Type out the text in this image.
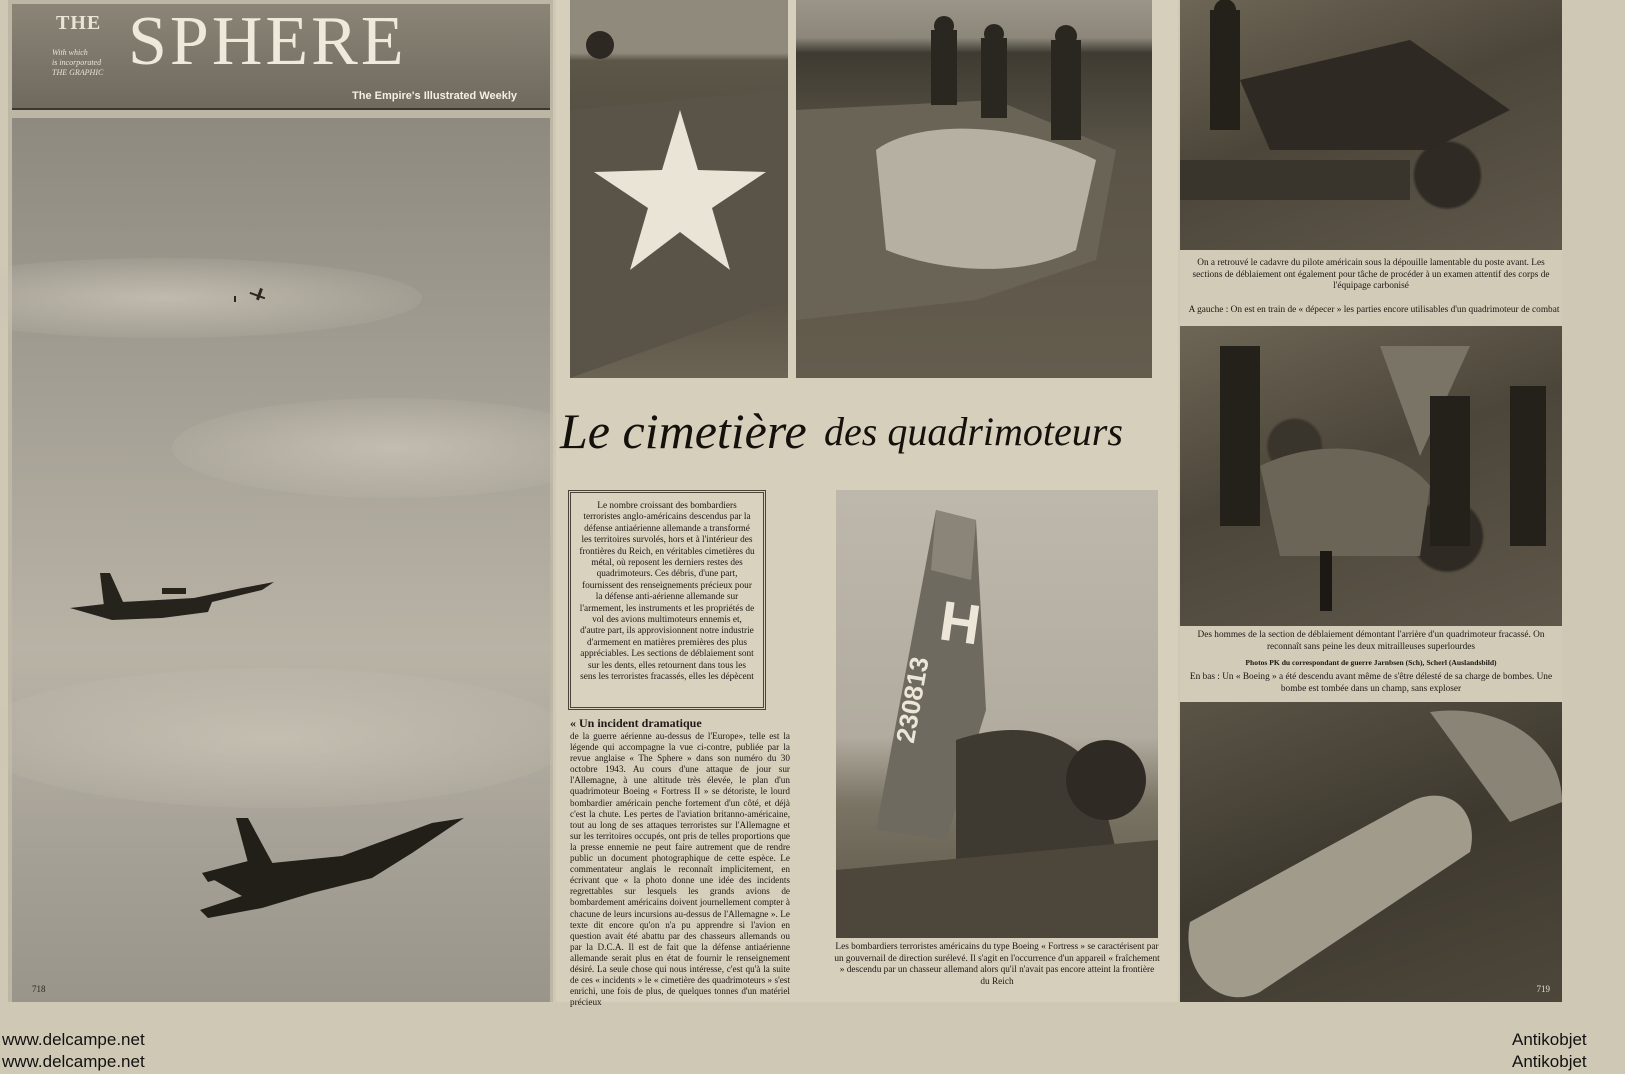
THE
With which
is incorporated
THE GRAPHIC SPHERE
The Empire's Illustrated Weekly
718
Le cimetière des quadrimoteurs
Le nombre croissant des bombardiers terroristes anglo-américains descendus par la défense antiaérienne allemande a transformé les territoires survolés, hors et à l'intérieur des frontières du Reich, en véritables cimetières du métal, où reposent les derniers restes des quadrimoteurs. Ces débris, d'une part, fournissent des renseignements précieux pour la défense anti-aérienne allemande sur l'armement, les instruments et les propriétés de vol des avions multimoteurs ennemis et, d'autre part, ils approvisionnent notre industrie d'armement en matières premières des plus appréciables. Les sections de déblaiement sont sur les dents, elles retournent dans tous les sens les terroristes fracassés, elles les dépècent
« Un incident dramatique
de la guerre aérienne au-dessus de l'Europe», telle est la légende qui accompagne la vue ci-contre, publiée par la revue anglaise « The Sphere » dans son numéro du 30 octobre 1943. Au cours d'une attaque de jour sur l'Allemagne, à une altitude très élevée, le plan d'un quadrimoteur Boeing « Fortress II » se détoriste, le lourd bombardier américain penche fortement d'un côté, et déjà c'est la chute. Les pertes de l'aviation britanno-américaine, tout au long de ses attaques terroristes sur l'Allemagne et sur les territoires occupés, ont pris de telles proportions que la presse ennemie ne peut faire autrement que de rendre public un document photographique de cette espèce. Le commentateur anglais le reconnaît implicitement, en écrivant que « la photo donne une idée des incidents regrettables sur lesquels les grands avions de bombardement américains doivent journellement compter à chacune de leurs incursions au-dessus de l'Allemagne ». Le texte dit encore qu'on n'a pu apprendre si l'avion en question avait été abattu par des chasseurs allemands ou par la D.C.A. Il est de fait que la défense antiaérienne allemande serait plus en état de fournir le renseignement désiré. La seule chose qui nous intéresse, c'est qu'à la suite de ces « incidents » le « cimetière des quadrimoteurs » s'est enrichi, une fois de plus, de quelques tonnes d'un matériel précieux
H
230813
Les bombardiers terroristes américains du type Boeing « Fortress » se caractérisent par un gouvernail de direction surélevé. Il s'agit en l'occurrence d'un appareil « fraîchement » descendu par un chasseur allemand alors qu'il n'avait pas encore atteint la frontière du Reich
On a retrouvé le cadavre du pilote américain sous la dépouille lamentable du poste avant. Les sections de déblaiement ont également pour tâche de procéder à un examen attentif des corps de l'équipage carbonisé
A gauche : On est en train de « dépecer » les parties encore utilisables d'un quadrimoteur de combat
Des hommes de la section de déblaiement démontant l'arrière d'un quadrimoteur fracassé. On reconnaît sans peine les deux mitrailleuses superlourdes
Photos PK du correspondant de guerre Jarnbsen (Sch), Scherl (Auslandsbild)
En bas : Un « Boeing » a été descendu avant même de s'être délesté de sa charge de bombes. Une bombe est tombée dans un champ, sans exploser
719
www.delcampe.net
www.delcampe.net
Antikobjet
Antikobjet
